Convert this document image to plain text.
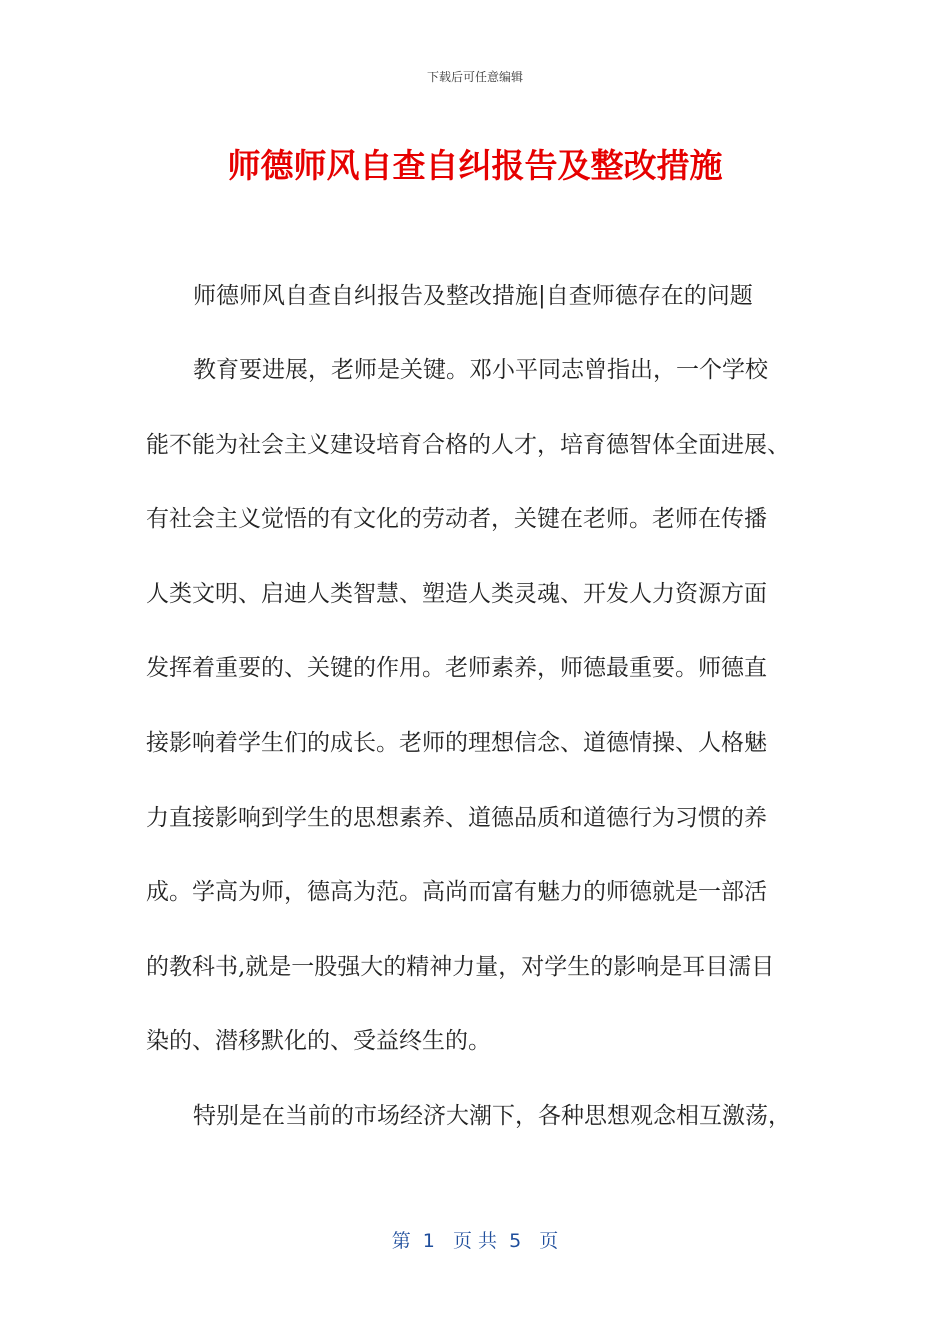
下载后可任意编辑
师德师风自查自纠报告及整改措施
师德师风自查自纠报告及整改措施|自查师德存在的问题
教育要进展，老师是关键。邓小平同志曾指出，一个学校
能不能为社会主义建设培育合格的人才，培育德智体全面进展、
有社会主义觉悟的有文化的劳动者，关键在老师。老师在传播
人类文明、启迪人类智慧、塑造人类灵魂、开发人力资源方面
发挥着重要的、关键的作用。老师素养，师德最重要。师德直
接影响着学生们的成长。老师的理想信念、道德情操、人格魅
力直接影响到学生的思想素养、道德品质和道德行为习惯的养
成。学高为师，德高为范。高尚而富有魅力的师德就是一部活
的教科书,就是一股强大的精神力量，对学生的影响是耳目濡目
染的、潜移默化的、受益终生的。
特别是在当前的市场经济大潮下，各种思想观念相互激荡，
第  1   页 共  5   页
